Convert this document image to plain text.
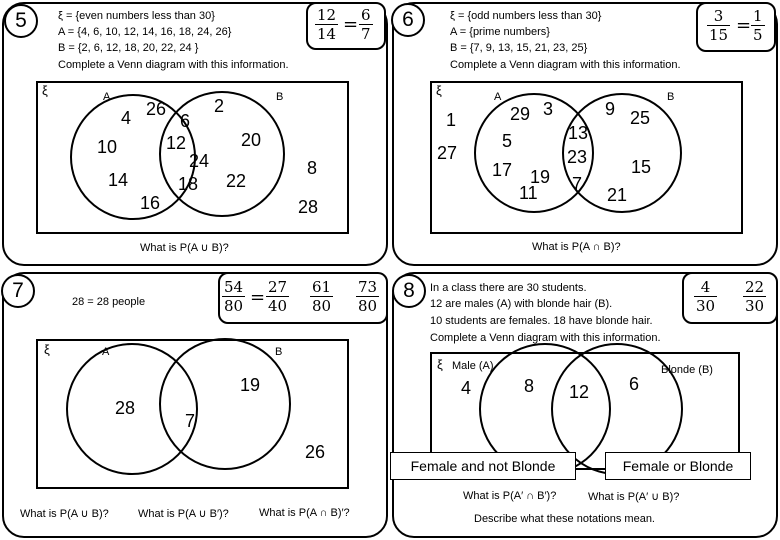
5	ξ = {even numbers less than 30}
A = {4, 6, 10, 12, 14, 16, 18, 24, 26}
B = {2, 6, 12, 18, 20, 22, 24 }
Complete a Venn diagram with this information.
$\frac{12}{14} = \frac{6}{7}$
ξ	A	B
4 26
6
2
10	12
24
20
14	18 22
16
8
28
What is P(A ∪ B)?
6	ξ = {odd numbers less than 30}
A = {prime numbers}
B = {7, 9, 13, 15, 21, 23, 25}
Complete a Venn diagram with this information.
$\frac{3}{15} = \frac{1}{5}$
ξ	A	B
1	29 3	9 25
27
5	13
23
17 19
11 7
15
21
What is P(A ∩ B)?
7	28 = 28 people	$\frac{54}{80} = \frac{27}{40} \frac{61}{80} \frac{73}{80}$
ξ	A	B
28
7
19
26
What is P(A ∪ B)?	What is P(A ∪ B′)?	What is P(A ∩ B)′?
8	In a class there are 30 students.
12 are males (A) with blonde hair (B).
10 students are females. 18 have blonde hair.
Complete a Venn diagram with this information.
$\frac{4}{30} \frac{22}{30}$
ξ Male (A)	Blonde (B)
4	8 12 6
Female and not Blonde	Female or Blonde
What is P(A′ ∩ B′)?	What is P(A′ ∪ B)?
Describe what these notations mean.
